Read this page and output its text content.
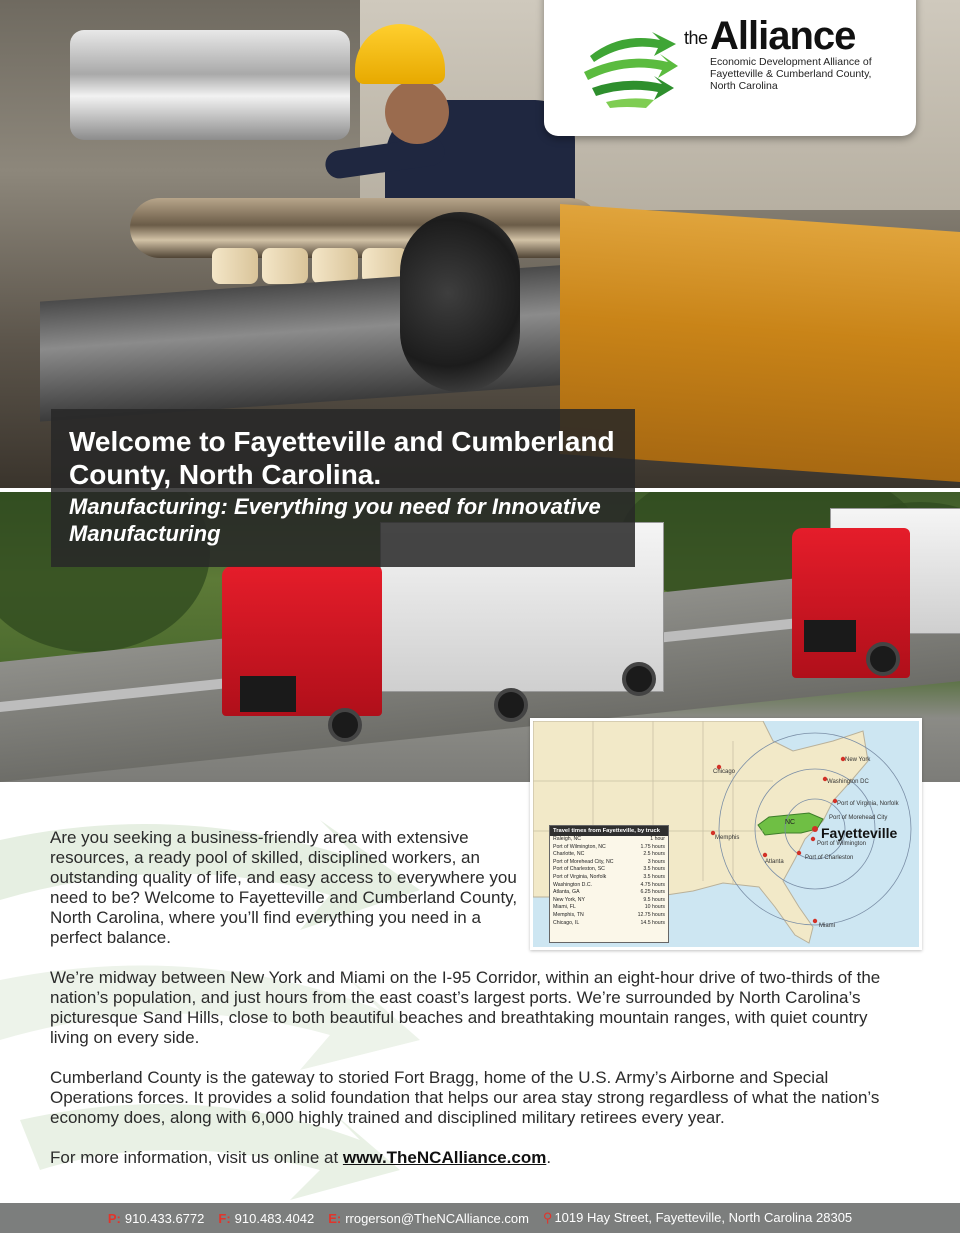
the Alliance
Economic Development Alliance of Fayetteville & Cumberland County, North Carolina
Welcome to Fayetteville and Cumberland County, North Carolina.
Manufacturing: Everything you need for Innovative Manufacturing
NC
Fayetteville
Chicago
New York
Washington DC
Port of Virginia, Norfolk
Port of Morehead City
Port of Wilmington
Port of Charleston
Atlanta
Memphis
Miami
Travel times from Fayetteville, by truck
Raleigh, NC	1 hour
Port of Wilmington, NC	1.75 hours
Charlotte, NC	2.5 hours
Port of Morehead City, NC	3 hours
Port of Charleston, SC	3.5 hours
Port of Virginia, Norfolk	3.5 hours
Washington D.C.	4.75 hours
Atlanta, GA	6.25 hours
New York, NY	9.5 hours
Miami, FL	10 hours
Memphis, TN	12.75 hours
Chicago, IL	14.5 hours

Are you seeking a business-friendly area with extensive resources, a ready pool of skilled, disciplined workers, an outstanding quality of life, and easy access to everywhere you need to be? Welcome to Fayetteville and Cumberland County, North Carolina, where you’ll find everything you need in a perfect balance.

We’re midway between New York and Miami on the I-95 Corridor, within an eight-hour drive of two-thirds of the nation’s population, and just hours from the east coast’s largest ports. We’re surrounded by North Carolina’s picturesque Sand Hills, close to both beautiful beaches and breathtaking mountain ranges, with quiet country living on every side.

Cumberland County is the gateway to storied Fort Bragg, home of the U.S. Army’s Airborne and Special Operations forces. It provides a solid foundation that helps our area stay strong regardless of what the nation’s economy does, along with 6,000 highly trained and disciplined military retirees every year.

For more information, visit us online at www.TheNCAlliance.com.

P: 910.433.6772 F: 910.483.4042 E: rrogerson@TheNCAlliance.com ⚲ 1019 Hay Street, Fayetteville, North Carolina 28305
